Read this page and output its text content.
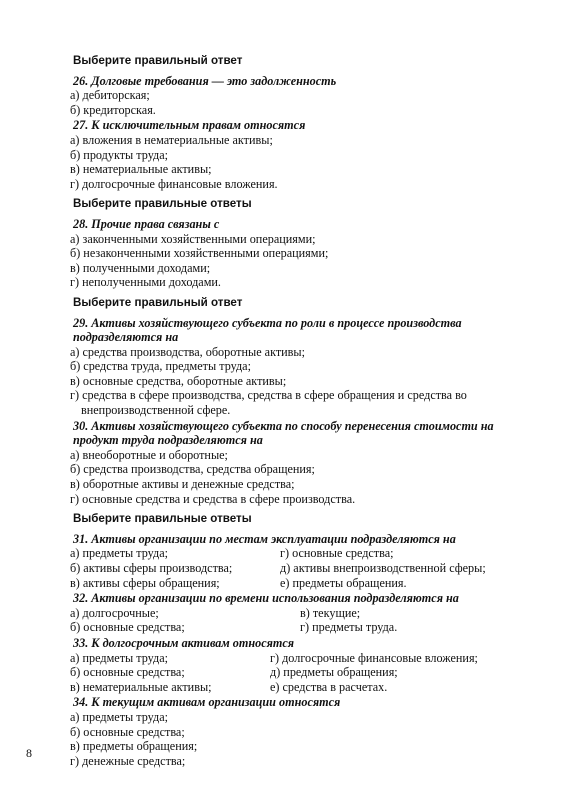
Выберите правильный ответ
26. Долговые требования — это задолженность
а) дебиторская;
б) кредиторская.
27. К исключительным правам относятся
а) вложения в нематериальные активы;
б) продукты труда;
в) нематериальные активы;
г) долгосрочные финансовые вложения.
Выберите правильные ответы
28. Прочие права связаны с
а) законченными хозяйственными операциями;
б) незаконченными хозяйственными операциями;
в) полученными доходами;
г) неполученными доходами.
Выберите правильный ответ
29. Активы хозяйствующего субъекта по роли в процессе производства подразделяются на
а) средства производства, оборотные активы;
б) средства труда, предметы труда;
в) основные средства, оборотные активы;
г) средства в сфере производства, средства в сфере обращения и средства во внепроизводственной сфере.
30. Активы хозяйствующего субъекта по способу перенесения стоимости на продукт труда подразделяются на
а) внеоборотные и оборотные;
б) средства производства, средства обращения;
в) оборотные активы и денежные средства;
г) основные средства и средства в сфере производства.
Выберите правильные ответы
31. Активы организации по местам эксплуатации подразделяются на
а) предметы труда;	г) основные средства;
б) активы сферы производства;	д) активы внепроизводственной сферы;
в) активы сферы обращения;	е) предметы обращения.
32. Активы организации по времени использования подразделяются на
а) долгосрочные;	в) текущие;
б) основные средства;	г) предметы труда.
33. К долгосрочным активам относятся
а) предметы труда;	г) долгосрочные финансовые вложения;
б) основные средства;	д) предметы обращения;
в) нематериальные активы;	е) средства в расчетах.
34. К текущим активам организации относятся
а) предметы труда;
б) основные средства;
в) предметы обращения;
г) денежные средства;
8
